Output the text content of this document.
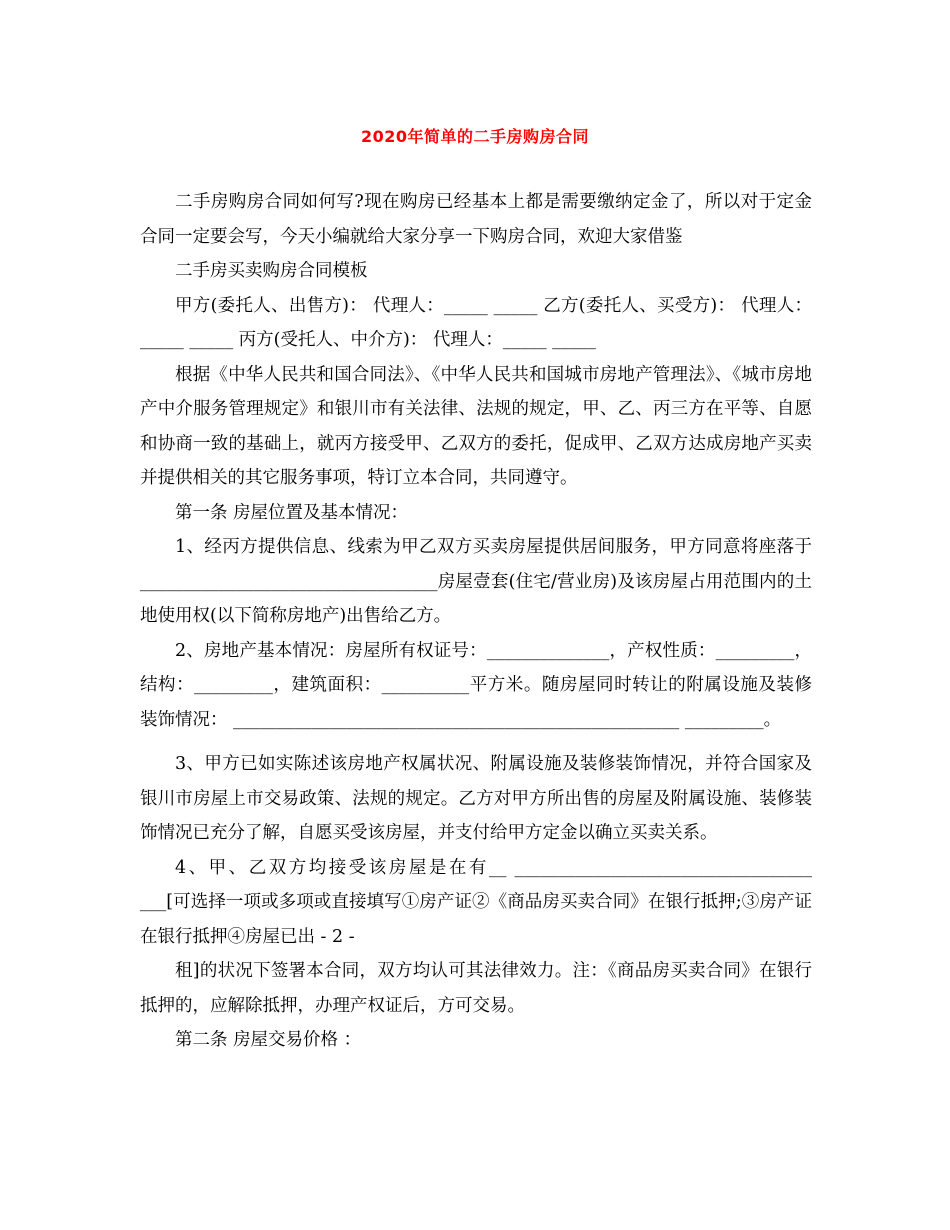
2020年简单的二手房购房合同

二手房购房合同如何写?现在购房已经基本上都是需要缴纳定金了，所以对于定金合同一定要会写，今天小编就给大家分享一下购房合同，欢迎大家借鉴

二手房买卖购房合同模板

甲方(委托人、出售方)： 代理人：_____ _____ 乙方(委托人、买受方)： 代理人：_____ _____ 丙方(受托人、中介方)： 代理人：_____ _____

根据《中华人民共和国合同法》、《中华人民共和国城市房地产管理法》、《城市房地产中介服务管理规定》和银川市有关法律、法规的规定，甲、乙、丙三方在平等、自愿和协商一致的基础上，就丙方接受甲、乙双方的委托，促成甲、乙双方达成房地产买卖并提供相关的其它服务事项，特订立本合同，共同遵守。

第一条 房屋位置及基本情况：

1、经丙方提供信息、线索为甲乙双方买卖房屋提供居间服务，甲方同意将座落于__________________________________房屋壹套(住宅/营业房)及该房屋占用范围内的土地使用权(以下简称房地产)出售给乙方。

2、房地产基本情况：房屋所有权证号：______________，产权性质：_________，结构：_________，建筑面积：__________平方米。随房屋同时转让的附属设施及装修装饰情况： ___________________________________________________ _________。

3、甲方已如实陈述该房地产权属状况、附属设施及装修装饰情况，并符合国家及银川市房屋上市交易政策、法规的规定。乙方对甲方所出售的房屋及附属设施、装修装饰情况已充分了解，自愿买受该房屋，并支付给甲方定金以确立买卖关系。

4、甲、乙双方均接受该房屋是在有__ __________________________________ ___[可选择一项或多项或直接填写①房产证②《商品房买卖合同》在银行抵押;③房产证在银行抵押④房屋已出 - 2 -

租]的状况下签署本合同，双方均认可其法律效力。注：《商品房买卖合同》在银行抵押的，应解除抵押，办理产权证后，方可交易。

第二条 房屋交易价格 ：
